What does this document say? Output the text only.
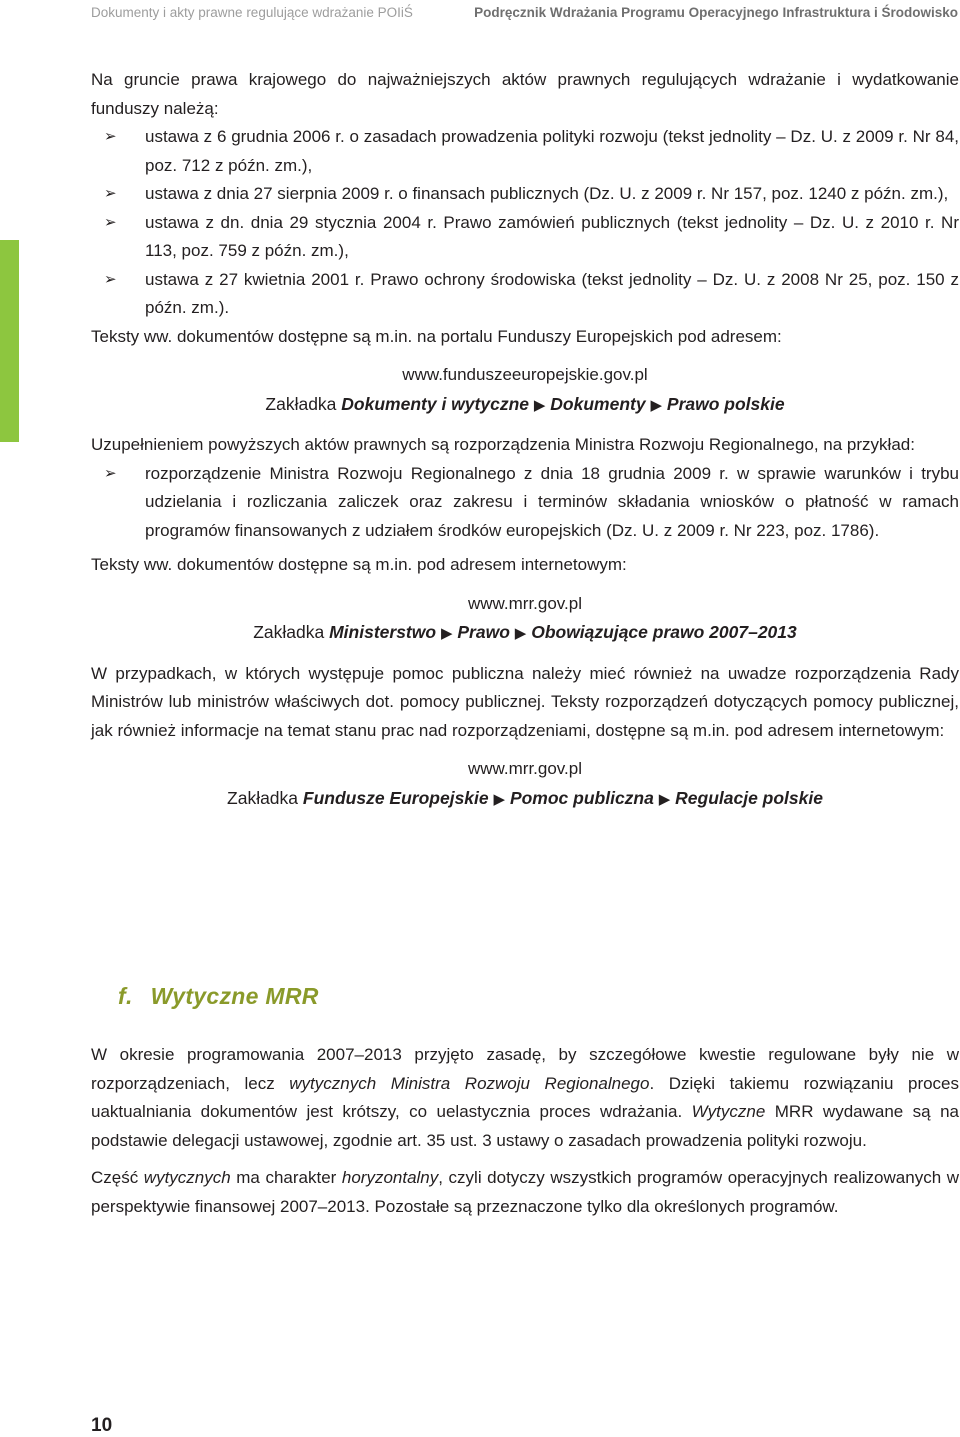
Dokumenty i akty prawne regulujące wdrażanie POIiŚ	Podręcznik Wdrażania Programu Operacyjnego Infrastruktura i Środowisko

Na gruncie prawa krajowego do najważniejszych aktów prawnych regulujących wdrażanie i wydatkowanie funduszy należą:

➢ ustawa z 6 grudnia 2006 r. o zasadach prowadzenia polityki rozwoju (tekst jednolity – Dz. U. z 2009 r. Nr 84, poz. 712 z późn. zm.),
➢ ustawa z dnia 27 sierpnia 2009 r. o finansach publicznych (Dz. U. z 2009 r. Nr 157, poz. 1240 z późn. zm.),
➢ ustawa z dn. dnia 29 stycznia 2004 r. Prawo zamówień publicznych (tekst jednolity – Dz. U. z 2010 r. Nr 113, poz. 759 z późn. zm.),
➢ ustawa z 27 kwietnia 2001 r. Prawo ochrony środowiska (tekst jednolity – Dz. U. z 2008 Nr 25, poz. 150 z późn. zm.).

Teksty ww. dokumentów dostępne są m.in. na portalu Funduszy Europejskich pod adresem:

www.funduszeeuropejskie.gov.pl

Zakładka Dokumenty i wytyczne ▶ Dokumenty ▶ Prawo polskie

Uzupełnieniem powyższych aktów prawnych są rozporządzenia Ministra Rozwoju Regionalnego, na przykład:

➢ rozporządzenie Ministra Rozwoju Regionalnego z dnia 18 grudnia 2009 r. w sprawie warunków i trybu udzielania i rozliczania zaliczek oraz zakresu i terminów składania wniosków o płatność w ramach programów finansowanych z udziałem środków europejskich (Dz. U. z 2009 r. Nr 223, poz. 1786).

Teksty ww. dokumentów dostępne są m.in. pod adresem internetowym:

www.mrr.gov.pl

Zakładka Ministerstwo ▶ Prawo ▶ Obowiązujące prawo 2007–2013

W przypadkach, w których występuje pomoc publiczna należy mieć również na uwadze rozporządzenia Rady Ministrów lub ministrów właściwych dot. pomocy publicznej. Teksty rozporządzeń dotyczących pomocy publicznej, jak również informacje na temat stanu prac nad rozporządzeniami, dostępne są m.in. pod adresem internetowym:

www.mrr.gov.pl

Zakładka Fundusze Europejskie ▶ Pomoc publiczna ▶ Regulacje polskie

f. Wytyczne MRR

W okresie programowania 2007–2013 przyjęto zasadę, by szczegółowe kwestie regulowane były nie w rozporządzeniach, lecz wytycznych Ministra Rozwoju Regionalnego. Dzięki takiemu rozwiązaniu proces uaktualniania dokumentów jest krótszy, co uelastycznia proces wdrażania. Wytyczne MRR wydawane są na podstawie delegacji ustawowej, zgodnie art. 35 ust. 3 ustawy o zasadach prowadzenia polityki rozwoju.

Część wytycznych ma charakter horyzontalny, czyli dotyczy wszystkich programów operacyjnych realizowanych w perspektywie finansowej 2007–2013. Pozostałe są przeznaczone tylko dla określonych programów.

10
